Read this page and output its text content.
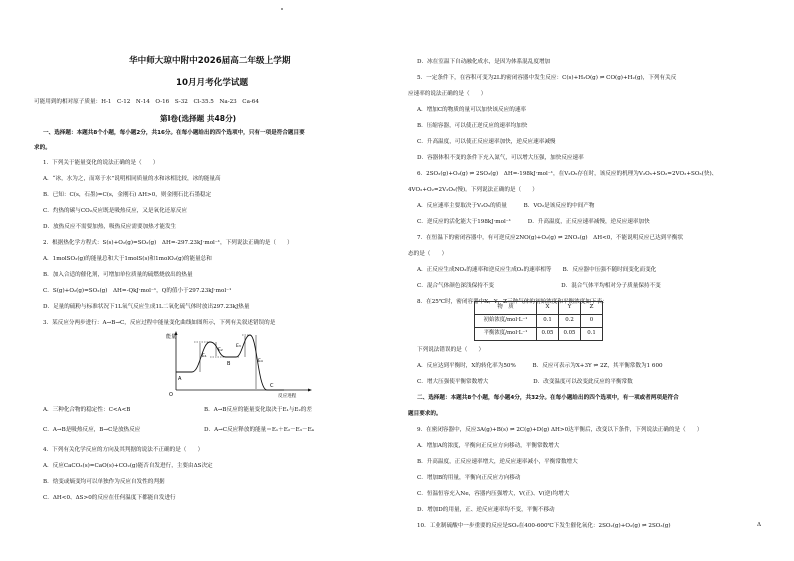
华中师大琼中附中2026届高二年级上学期
10月月考化学试题
可能用到的相对原子质量：H-1　C-12　N-14　O-16　S-32　Cl-35.5　Na-23　Ca-64
第Ⅰ卷(选择题 共48分)
一、选择题：本题共8个小题，每小题2分，共16分。在每小题给出的四个选项中，只有一项是符合题目要
求的。
1．下列关于能量变化的说法正确的是（　　）
A．“冰，水为之，而寒于水”说明相同质量的水和冰相比较，冰的能量高
B．已知：C(s，石墨)=C(s，金刚石) ΔH>0，则金刚石比石墨稳定
C．灼热的碳与CO₂反应既是吸热反应，又是氧化还原反应
D．放热反应不需要加热，吸热反应需要加热才能发生
2．根据热化学方程式：S(s)+O₂(g)=SO₂(g)　ΔH=-297.23kJ·mol⁻¹，下列说法正确的是（　　）
A．1molSO₂(g)的能量总和大于1molS(s)和1molO₂(g)的能量总和
B．加入合适的催化剂，可增加单位质量的硫燃烧放出的热量
C．S(g)+O₂(g)=SO₂(g)　ΔH=-QkJ·mol⁻¹，Q的值小于297.23kJ·mol⁻¹
D．足量的硫粉与标准状况下1L氧气反应生成1L二氧化硫气体时放出297.23kJ热量
3．某反应分两步进行：A→B→C，反应过程中能量变化曲线如图所示，下列有关叙述错误的是
能量
O	反应进程
A
B
C
E₁
E₂
E₃
E₄
A．三种化合物的稳定性：C<A<B	B．A→B反应的能量变化取决于E₁与E₂的差
C．A→B是吸热反应，B→C是放热反应	D．A→C反应释放的能量＝E₁＋E₂－E₃－E₄
4．下列有关化学反应的方向及其判据的说法不正确的是（　　）
A．反应CaCO₃(s)=CaO(s)+CO₂(g)能否自发进行，主要由ΔS决定
B．焓变或熵变均可以单独作为反应自发性的判据
C．ΔH<0、ΔS>0的反应在任何温度下都能自发进行
D．冰在室温下自动融化成水，是因为体系混乱度增加
5．一定条件下，在容积可变为2L的密闭容器中发生反应：C(s)+H₂O(g) ⇌ CO(g)+H₂(g)，下列有关反
应速率的说法正确的是（　　）
A．增加C的物质的量可以加快该反应的速率
B．压缩容器，可以使正逆反应的速率均加快
C．升高温度，可以使正反应速率加快，逆反应速率减慢
D．容器体积不变的条件下充入氮气，可以增大压强，加快反应速率
6．2SO₂(g)+O₂(g) ⇌ 2SO₃(g)　ΔH=-198kJ·mol⁻¹，在V₂O₅存在时，该反应的机理为V₂O₅+SO₂=2VO₂+SO₃(快)、
4VO₂+O₂=2V₂O₅(慢)。下列说法正确的是（　　）
A．反应速率主要取决于V₂O₅的质量　　　B．VO₂是该反应的中间产物
C．逆反应的活化能大于198kJ·mol⁻¹　　　D．升高温度，正反应速率减慢，逆反应速率加快
7．在恒温下的密闭容器中，有可逆反应2NO(g)+O₂(g) ⇌ 2NO₂(g)　ΔH<0，不能说明反应已达到平衡状
态的是（　　）
A．正反应生成NO₂的速率和逆反应生成O₂的速率相等　　B．反应器中压强不随时间变化而变化
C．混合气体颜色深浅保持不变　　　　　　　　　　　　D．混合气体平均相对分子质量保持不变
8．在25℃时，密闭容器中X、Y、Z三种气体的初始浓度和平衡浓度如下表：
物　质	X	Y	Z
初始浓度/mol·L⁻¹	0.1	0.2	0
平衡浓度/mol·L⁻¹	0.05	0.05	0.1
下列说法错误的是（　　）
A．反应达到平衡时，X的转化率为50%　　　B．反应可表示为X+3Y ⇌ 2Z，其平衡常数为1 600
C．增大压强使平衡常数增大　　　　　　　　D．改变温度可以改变此反应的平衡常数
二、选择题：本题共8个小题，每小题4分，共32分。在每小题给出的四个选项中，有一项或者两项是符合
题目要求的。
9．在密闭容器中，反应3A(g)+B(s) ⇌ 2C(g)+D(g) ΔH>0达平衡后，改变以下条件，下列说法正确的是（　　）
A．增加A的浓度，平衡向正反应方向移动，平衡常数增大
B．升高温度，正反应速率增大，逆反应速率减小，平衡常数增大
C．增加B的用量，平衡向正反应方向移动
C．恒温恒容充入Ne，容器内压强增大，V(正)、V(逆)均增大
D．增加D的用量，正、逆反应速率均不变，平衡不移动
10．工业制硫酸中一步重要的反应是SO₂在400-600℃下发生催化氧化：2SO₂(g)+O₂(g) ⇌ 2SO₃(g)	Δ
